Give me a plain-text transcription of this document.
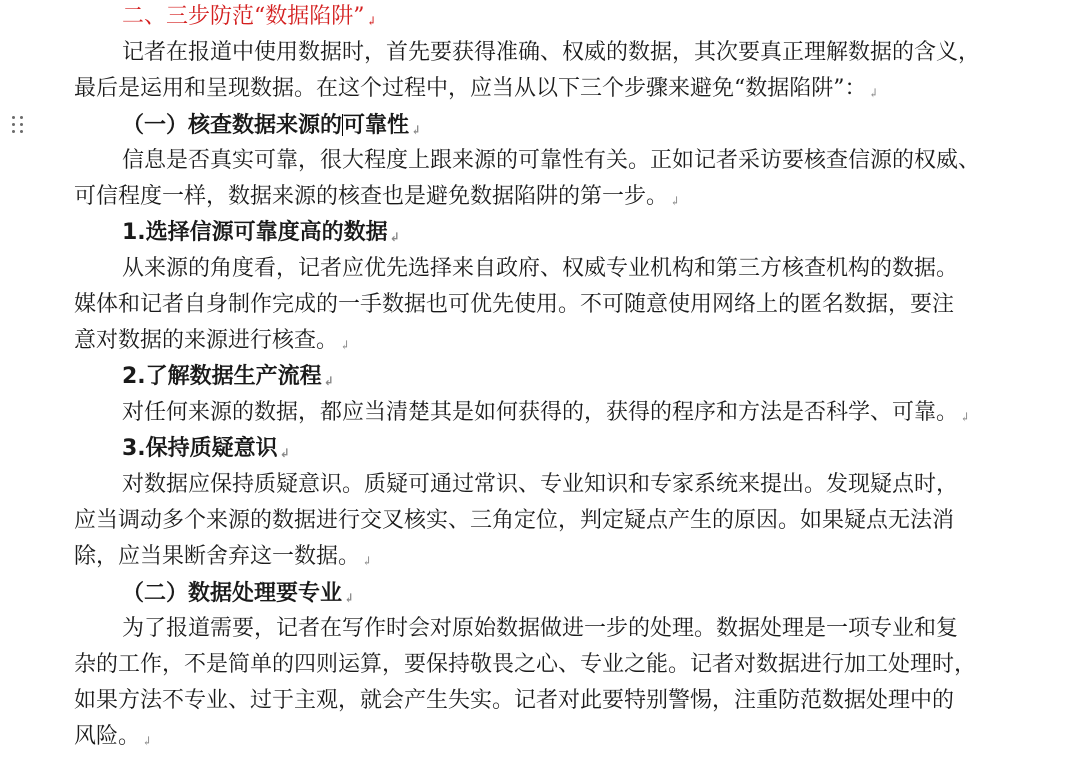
二、三步防范“数据陷阱” ↲
记者在报道中使用数据时，首先要获得准确、权威的数据，其次要真正理解数据的含义，
最后是运用和呈现数据。在这个过程中，应当从以下三个步骤来避免“数据陷阱”： ↲
（一）核查数据来源的可靠性 ↲
信息是否真实可靠，很大程度上跟来源的可靠性有关。正如记者采访要核查信源的权威、
可信程度一样，数据来源的核查也是避免数据陷阱的第一步。 ↲
1.选择信源可靠度高的数据 ↲
从来源的角度看，记者应优先选择来自政府、权威专业机构和第三方核查机构的数据。
媒体和记者自身制作完成的一手数据也可优先使用。不可随意使用网络上的匿名数据，要注
意对数据的来源进行核查。 ↲
2.了解数据生产流程 ↲
对任何来源的数据，都应当清楚其是如何获得的，获得的程序和方法是否科学、可靠。 ↲
3.保持质疑意识 ↲
对数据应保持质疑意识。质疑可通过常识、专业知识和专家系统来提出。发现疑点时，
应当调动多个来源的数据进行交叉核实、三角定位，判定疑点产生的原因。如果疑点无法消
除，应当果断舍弃这一数据。 ↲
（二）数据处理要专业 ↲
为了报道需要，记者在写作时会对原始数据做进一步的处理。数据处理是一项专业和复
杂的工作，不是简单的四则运算，要保持敬畏之心、专业之能。记者对数据进行加工处理时，
如果方法不专业、过于主观，就会产生失实。记者对此要特别警惕，注重防范数据处理中的
风险。 ↲
